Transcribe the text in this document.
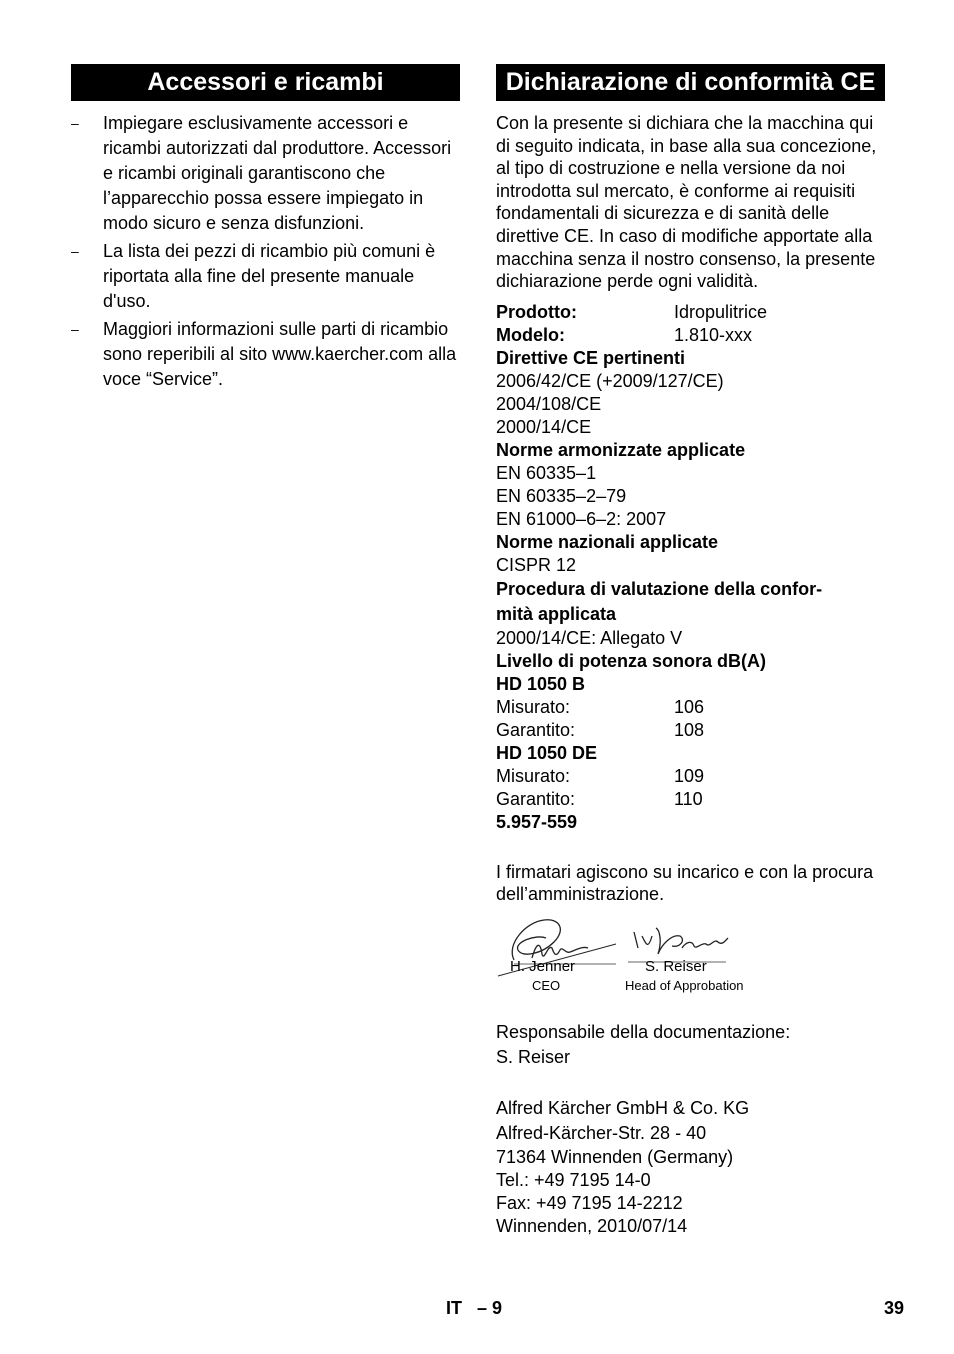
Accessori e ricambi
– Impiegare esclusivamente accessori e ricambi autorizzati dal produttore. Accessori e ricambi originali garantiscono che l’apparecchio possa essere impiegato in modo sicuro e senza disfunzioni.
– La lista dei pezzi di ricambio più comuni è riportata alla fine del presente manuale d'uso.
– Maggiori informazioni sulle parti di ricambio sono reperibili al sito www.kaercher.com alla voce “Service”.
Dichiarazione di conformità CE

Con la presente si dichiara che la macchina qui di seguito indicata, in base alla sua concezione, al tipo di costruzione e nella versione da noi introdotta sul mercato, è conforme ai requisiti fondamentali di sicurezza e di sanità delle direttive CE. In caso di modifiche apportate alla macchina senza il nostro consenso, la presente dichiarazione perde ogni validità.

Prodotto:	Idropulitrice
Modelo:	1.810-xxx
Direttive CE pertinenti
2006/42/CE (+2009/127/CE)
2004/108/CE
2000/14/CE
Norme armonizzate applicate
EN 60335–1
EN 60335–2–79
EN 61000–6–2: 2007
Norme nazionali applicate
CISPR 12
Procedura di valutazione della confor-
mità applicata
2000/14/CE: Allegato V
Livello di potenza sonora dB(A)
HD 1050 B
Misurato:	106
Garantito:	108
HD 1050 DE
Misurato:	109
Garantito:	110
5.957-559
I firmatari agiscono su incarico e con la procura dell’amministrazione.
H. Jenner
CEO
S. Reiser
Head of Approbation
Responsabile della documentazione:
S. Reiser
Alfred Kärcher GmbH & Co. KG
Alfred-Kärcher-Str. 28 - 40
71364 Winnenden (Germany)
Tel.: +49 7195 14-0
Fax: +49 7195 14-2212
Winnenden, 2010/07/14
IT   – 9	39
